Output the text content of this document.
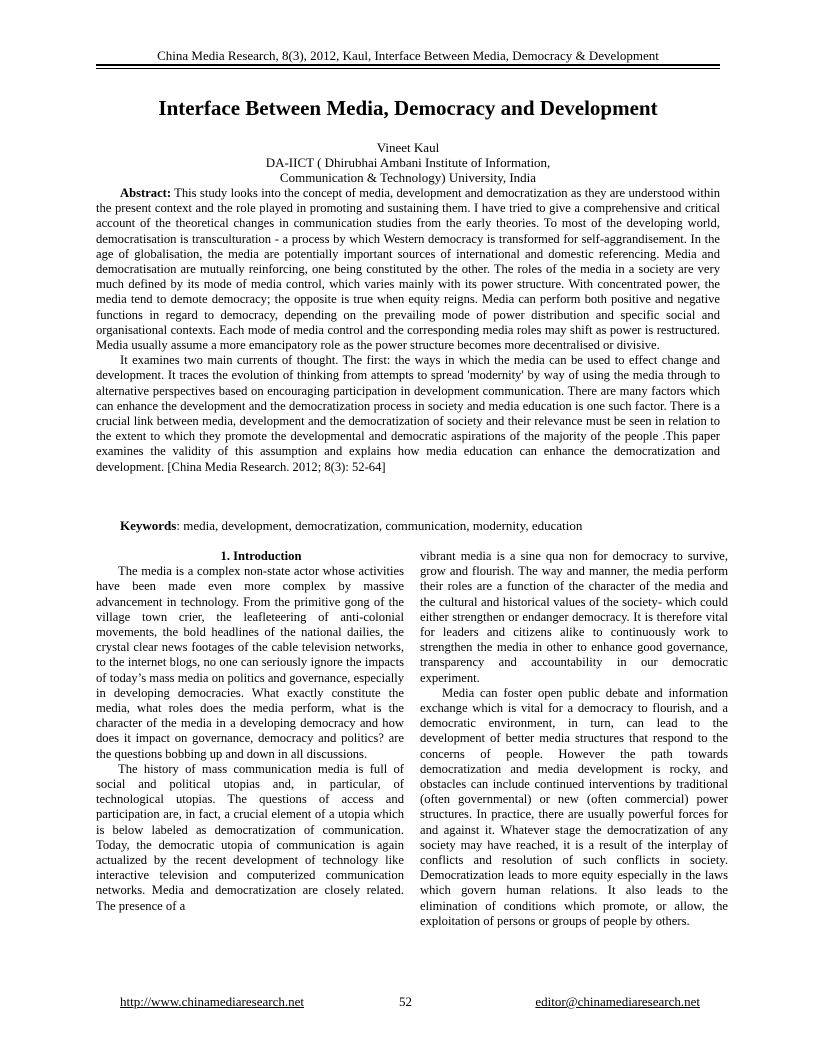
China Media Research, 8(3), 2012, Kaul, Interface Between Media, Democracy & Development
Interface Between Media, Democracy and Development
Vineet Kaul
DA-IICT ( Dhirubhai Ambani Institute of Information,
Communication & Technology) University, India

Abstract: This study looks into the concept of media, development and democratization as they are understood within the present context and the role played in promoting and sustaining them. I have tried to give a comprehensive and critical account of the theoretical changes in communication studies from the early theories. To most of the developing world, democratisation is transculturation - a process by which Western democracy is transformed for self-aggrandisement. In the age of globalisation, the media are potentially important sources of international and domestic referencing. Media and democratisation are mutually reinforcing, one being constituted by the other. The roles of the media in a society are very much defined by its mode of media control, which varies mainly with its power structure. With concentrated power, the media tend to demote democracy; the opposite is true when equity reigns. Media can perform both positive and negative functions in regard to democracy, depending on the prevailing mode of power distribution and specific social and organisational contexts. Each mode of media control and the corresponding media roles may shift as power is restructured. Media usually assume a more emancipatory role as the power structure becomes more decentralised or divisive.

It examines two main currents of thought. The first: the ways in which the media can be used to effect change and development. It traces the evolution of thinking from attempts to spread 'modernity' by way of using the media through to alternative perspectives based on encouraging participation in development communication. There are many factors which can enhance the development and the democratization process in society and media education is one such factor. There is a crucial link between media, development and the democratization of society and their relevance must be seen in relation to the extent to which they promote the developmental and democratic aspirations of the majority of the people .This paper examines the validity of this assumption and explains how media education can enhance the democratization and development. [China Media Research. 2012; 8(3): 52-64]

Keywords: media, development, democratization, communication, modernity, education

1. Introduction

The media is a complex non-state actor whose activities have been made even more complex by massive advancement in technology. From the primitive gong of the village town crier, the leafleteering of anti-colonial movements, the bold headlines of the national dailies, the crystal clear news footages of the cable television networks, to the internet blogs, no one can seriously ignore the impacts of today’s mass media on politics and governance, especially in developing democracies. What exactly constitute the media, what roles does the media perform, what is the character of the media in a developing democracy and how does it impact on governance, democracy and politics? are the questions bobbing up and down in all discussions.

The history of mass communication media is full of social and political utopias and, in particular, of technological utopias. The questions of access and participation are, in fact, a crucial element of a utopia which is below labeled as democratization of communication. Today, the democratic utopia of communication is again actualized by the recent development of technology like interactive television and computerized communication networks. Media and democratization are closely related. The presence of a

vibrant media is a sine qua non for democracy to survive, grow and flourish. The way and manner, the media perform their roles are a function of the character of the media and the cultural and historical values of the society- which could either strengthen or endanger democracy. It is therefore vital for leaders and citizens alike to continuously work to strengthen the media in other to enhance good governance, transparency and accountability in our democratic experiment.

Media can foster open public debate and information exchange which is vital for a democracy to flourish, and a democratic environment, in turn, can lead to the development of better media structures that respond to the concerns of people. However the path towards democratization and media development is rocky, and obstacles can include continued interventions by traditional (often governmental) or new (often commercial) power structures. In practice, there are usually powerful forces for and against it. Whatever stage the democratization of any society may have reached, it is a result of the interplay of conflicts and resolution of such conflicts in society. Democratization leads to more equity especially in the laws which govern human relations. It also leads to the elimination of conditions which promote, or allow, the exploitation of persons or groups of people by others.

http://www.chinamediaresearch.net	52	editor@chinamediaresearch.net
